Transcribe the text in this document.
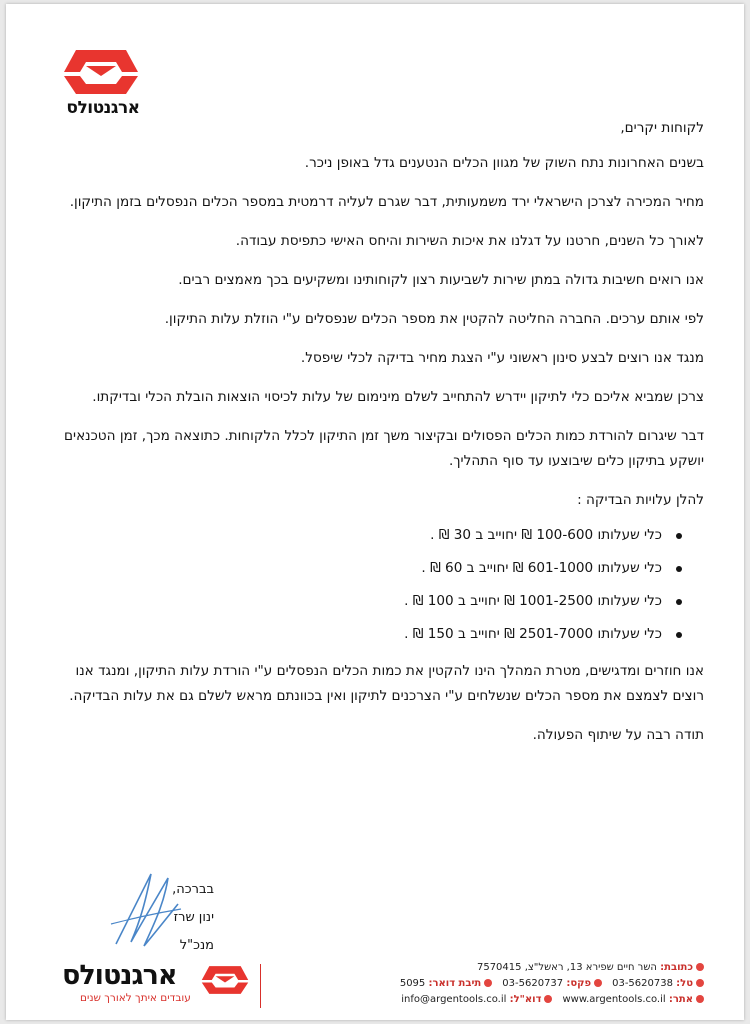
ארגנטולס

לקוחות יקרים,

בשנים האחרונות נתח השוק של מגוון הכלים הנטענים גדל באופן ניכר.

מחיר המכירה לצרכן הישראלי ירד משמעותית, דבר שגרם לעליה דרמטית במספר הכלים הנפסלים בזמן התיקון.

לאורך כל השנים, חרטנו על דגלנו את איכות השירות והיחס האישי כתפיסת עבודה.

אנו רואים חשיבות גדולה במתן שירות לשביעות רצון לקוחותינו ומשקיעים בכך מאמצים רבים.

לפי אותם ערכים. החברה החליטה להקטין את מספר הכלים שנפסלים ע"י הוזלת עלות התיקון.

מנגד אנו רוצים לבצע סינון ראשוני ע"י הצגת מחיר בדיקה לכלי שיפסל.

צרכן שמביא אליכם כלי לתיקון יידרש להתחייב לשלם מינימום של עלות לכיסוי הוצאות הובלת הכלי ובדיקתו.

דבר שיגרום להורדת כמות הכלים הפסולים ובקיצור משך זמן התיקון לכלל הלקוחות. כתוצאה מכך, זמן הטכנאים יושקע בתיקון כלים שיבוצעו עד סוף התהליך.

להלן עלויות הבדיקה :

כלי שעלותו 100-600 ₪ יחוייב ב 30 ₪ .
כלי שעלותו 601-1000 ₪ יחוייב ב 60 ₪ .
כלי שעלותו 1001-2500 ₪ יחוייב ב 100 ₪ .
כלי שעלותו 2501-7000 ₪ יחוייב ב 150 ₪ .

אנו חוזרים ומדגישים, מטרת המהלך הינו להקטין את כמות הכלים הנפסלים ע"י הורדת עלות התיקון, ומנגד אנו רוצים לצמצם את מספר הכלים שנשלחים ע"י הצרכנים לתיקון ואין בכוונתם מראש לשלם גם את עלות הבדיקה.

תודה רבה על שיתוף הפעולה.

בברכה,
ינון שרז
מנכ"ל
ארגנטולס
עובדים איתך לאורך שנים
כתובת: השר חיים שפירא 13, ראשל"צ, 7570415
טל: 03-5620738
פקס: 03-5620737
תיבת דואר: 5095
אתר: www.argentools.co.il
דוא"ל: info@argentools.co.il
